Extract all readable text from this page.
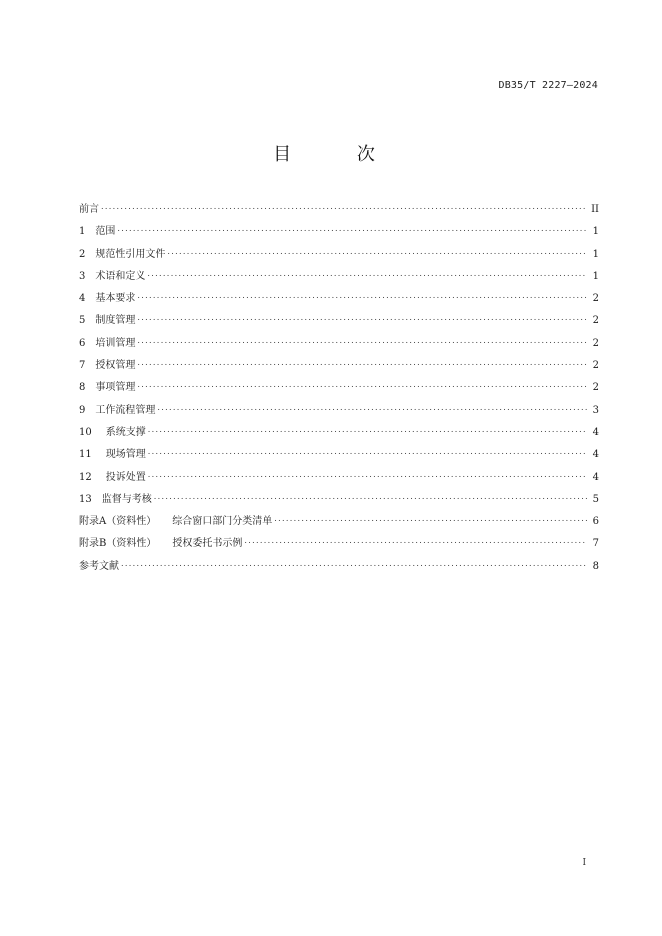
DB35/T 2227—2024
目 次
前言 . . .	II
1 范围 . . .	1
2 规范性引用文件 . . .	1
3 术语和定义 . . .	1
4 基本要求 . . .	2
5 制度管理 . . .	2
6 培训管理 . . .	2
7 授权管理 . . .	2
8 事项管理 . . .	2
9 工作流程管理 . . .	3
10 系统支撑 . . .	4
11 现场管理 . . .	4
12 投诉处置 . . .	4
13 监督与考核 . . .	5
附录A（资料性） 综合窗口部门分类清单 . . .	6
附录B（资料性） 授权委托书示例 . . .	7
参考文献 . . .	8
I
